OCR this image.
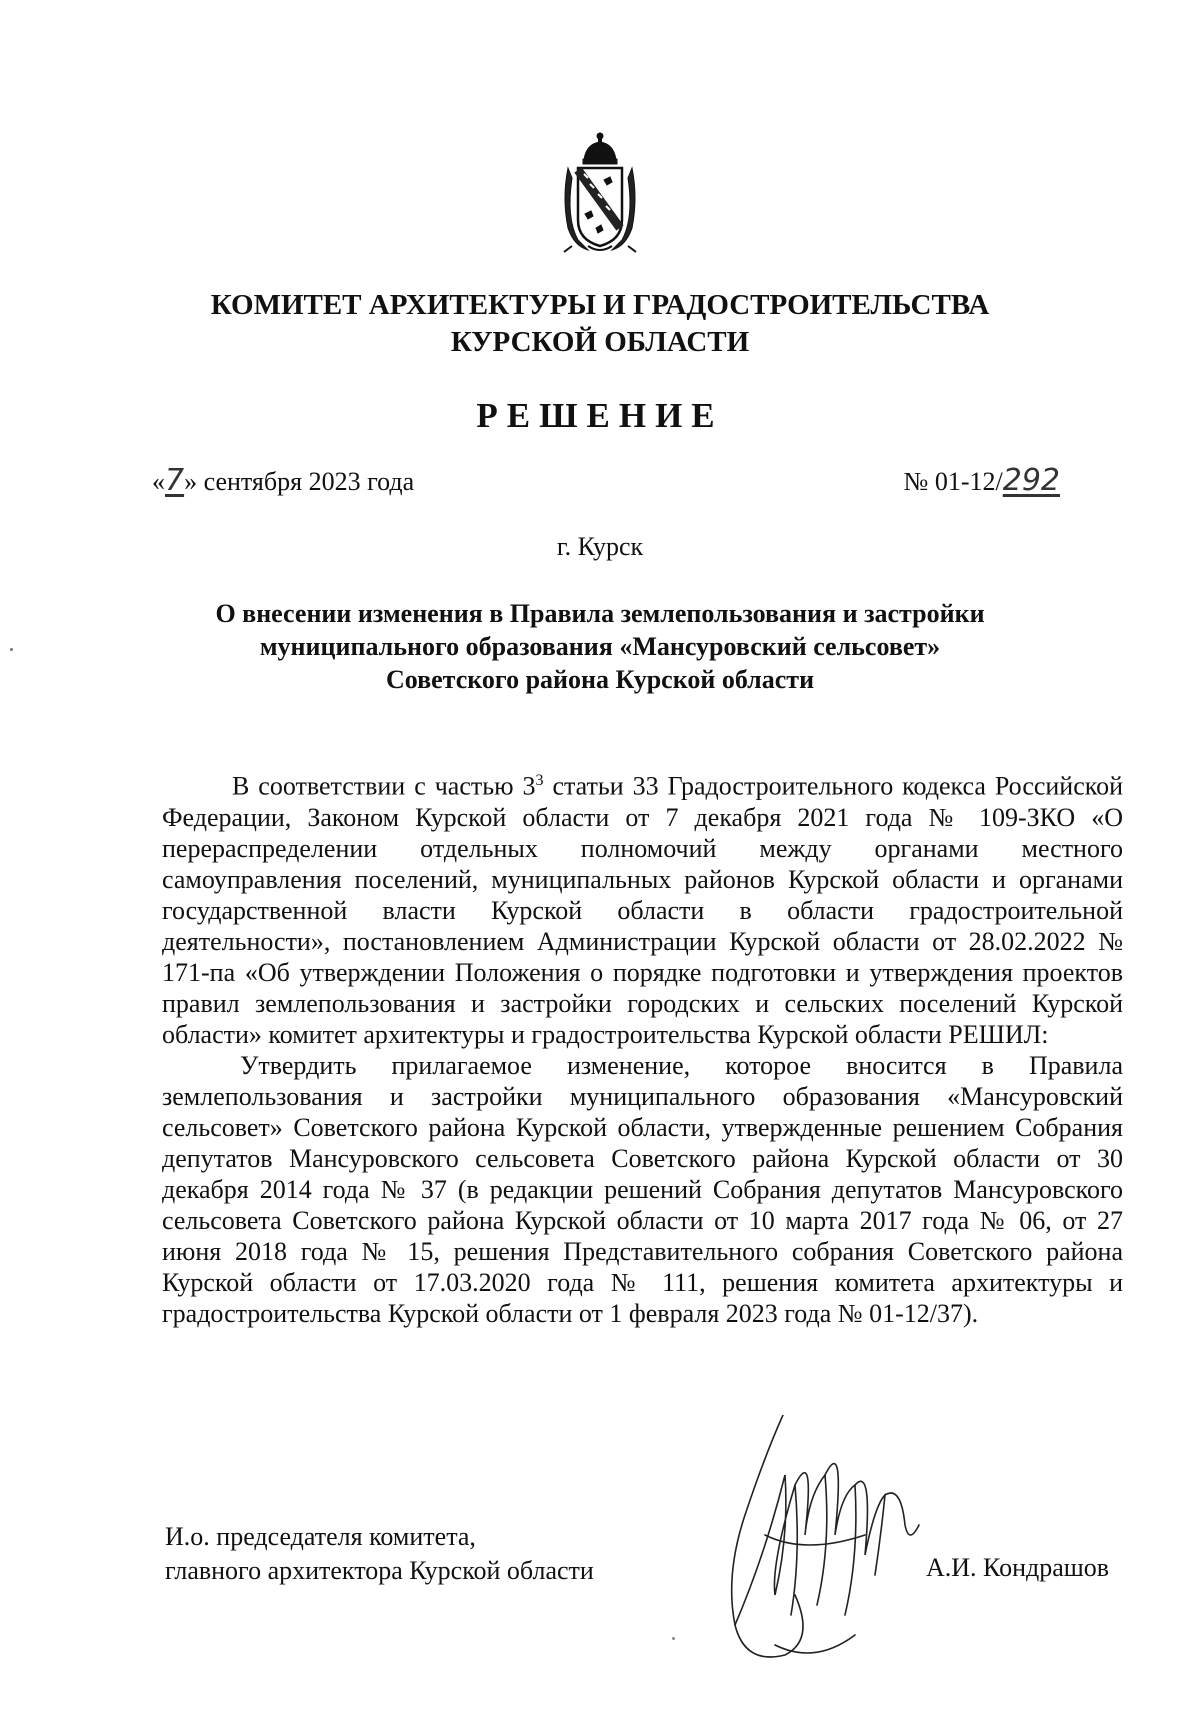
КОМИТЕТ АРХИТЕКТУРЫ И ГРАДОСТРОИТЕЛЬСТВА
КУРСКОЙ ОБЛАСТИ
РЕШЕНИЕ
«7» сентября 2023 года	№ 01-12/292
г. Курск
О внесении изменения в Правила землепользования и застройки
муниципального образования «Мансуровский сельсовет»
Советского района Курской области

В соответствии с частью $3^3$ статьи 33 Градостроительного кодекса Российской Федерации, Законом Курской области от 7 декабря 2021 года № 109-ЗКО «О перераспределении отдельных полномочий между органами местного самоуправления поселений, муниципальных районов Курской области и органами государственной власти Курской области в области градостроительной деятельности», постановлением Администрации Курской области от 28.02.2022 № 171-па «Об утверждении Положения о порядке подготовки и утверждения проектов правил землепользования и застройки городских и сельских поселений Курской области» комитет архитектуры и градостроительства Курской области РЕШИЛ:

Утвердить прилагаемое изменение, которое вносится в Правила землепользования и застройки муниципального образования «Мансуровский сельсовет» Советского района Курской области, утвержденные решением Собрания депутатов Мансуровского сельсовета Советского района Курской области от 30 декабря 2014 года № 37 (в редакции решений Собрания депутатов Мансуровского сельсовета Советского района Курской области от 10 марта 2017 года № 06, от 27 июня 2018 года № 15, решения Представительного собрания Советского района Курской области от 17.03.2020 года № 111, решения комитета архитектуры и градостроительства Курской области от 1 февраля 2023 года № 01-12/37).

И.о. председателя комитета,
главного архитектора Курской области	А.И. Кондрашов
